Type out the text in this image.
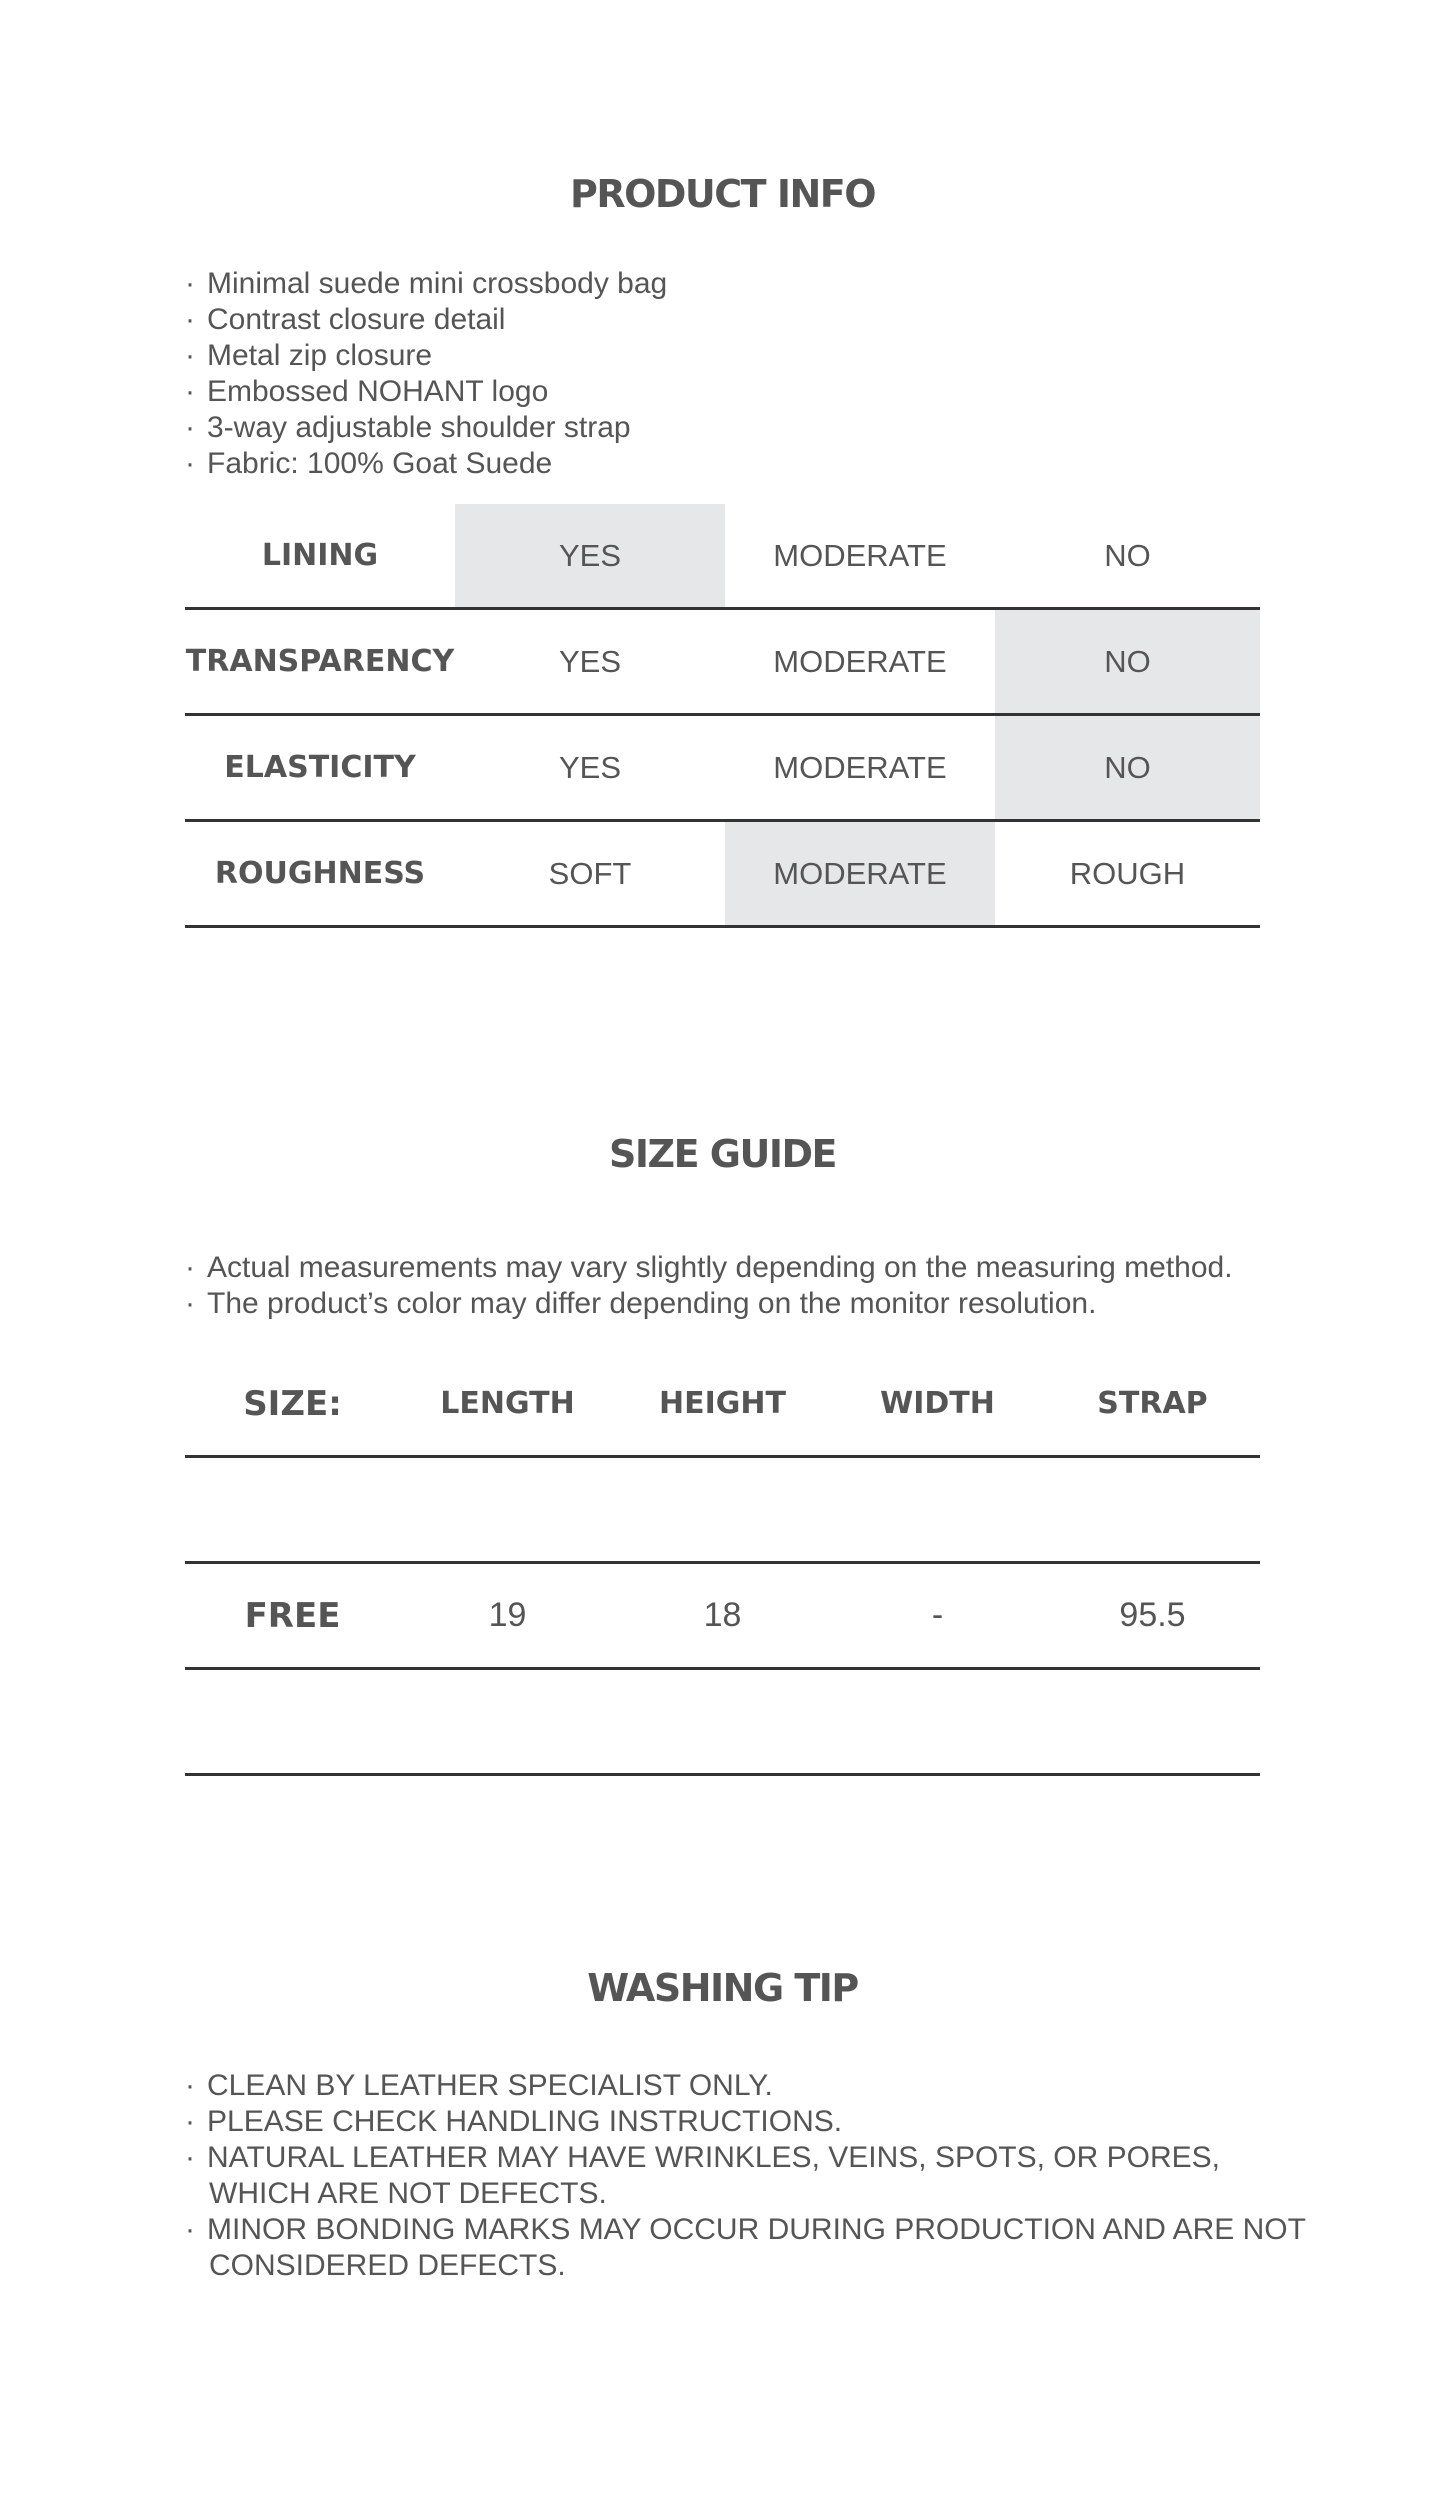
PRODUCT INFO
· Minimal suede mini crossbody bag
· Contrast closure detail
· Metal zip closure
· Embossed NOHANT logo
· 3-way adjustable shoulder strap
· Fabric: 100% Goat Suede
LINING	YES	MODERATE	NO
TRANSPARENCY	YES	MODERATE	NO
ELASTICITY	YES	MODERATE	NO
ROUGHNESS	SOFT	MODERATE	ROUGH
SIZE GUIDE
· Actual measurements may vary slightly depending on the measuring method.
· The product’s color may differ depending on the monitor resolution.
SIZE:	LENGTH	HEIGHT	WIDTH	STRAP
FREE	19	18	-	95.5
WASHING TIP
· CLEAN BY LEATHER SPECIALIST ONLY.
· PLEASE CHECK HANDLING INSTRUCTIONS.
· NATURAL LEATHER MAY HAVE WRINKLES, VEINS, SPOTS, OR PORES,
WHICH ARE NOT DEFECTS.
· MINOR BONDING MARKS MAY OCCUR DURING PRODUCTION AND ARE NOT
CONSIDERED DEFECTS.
